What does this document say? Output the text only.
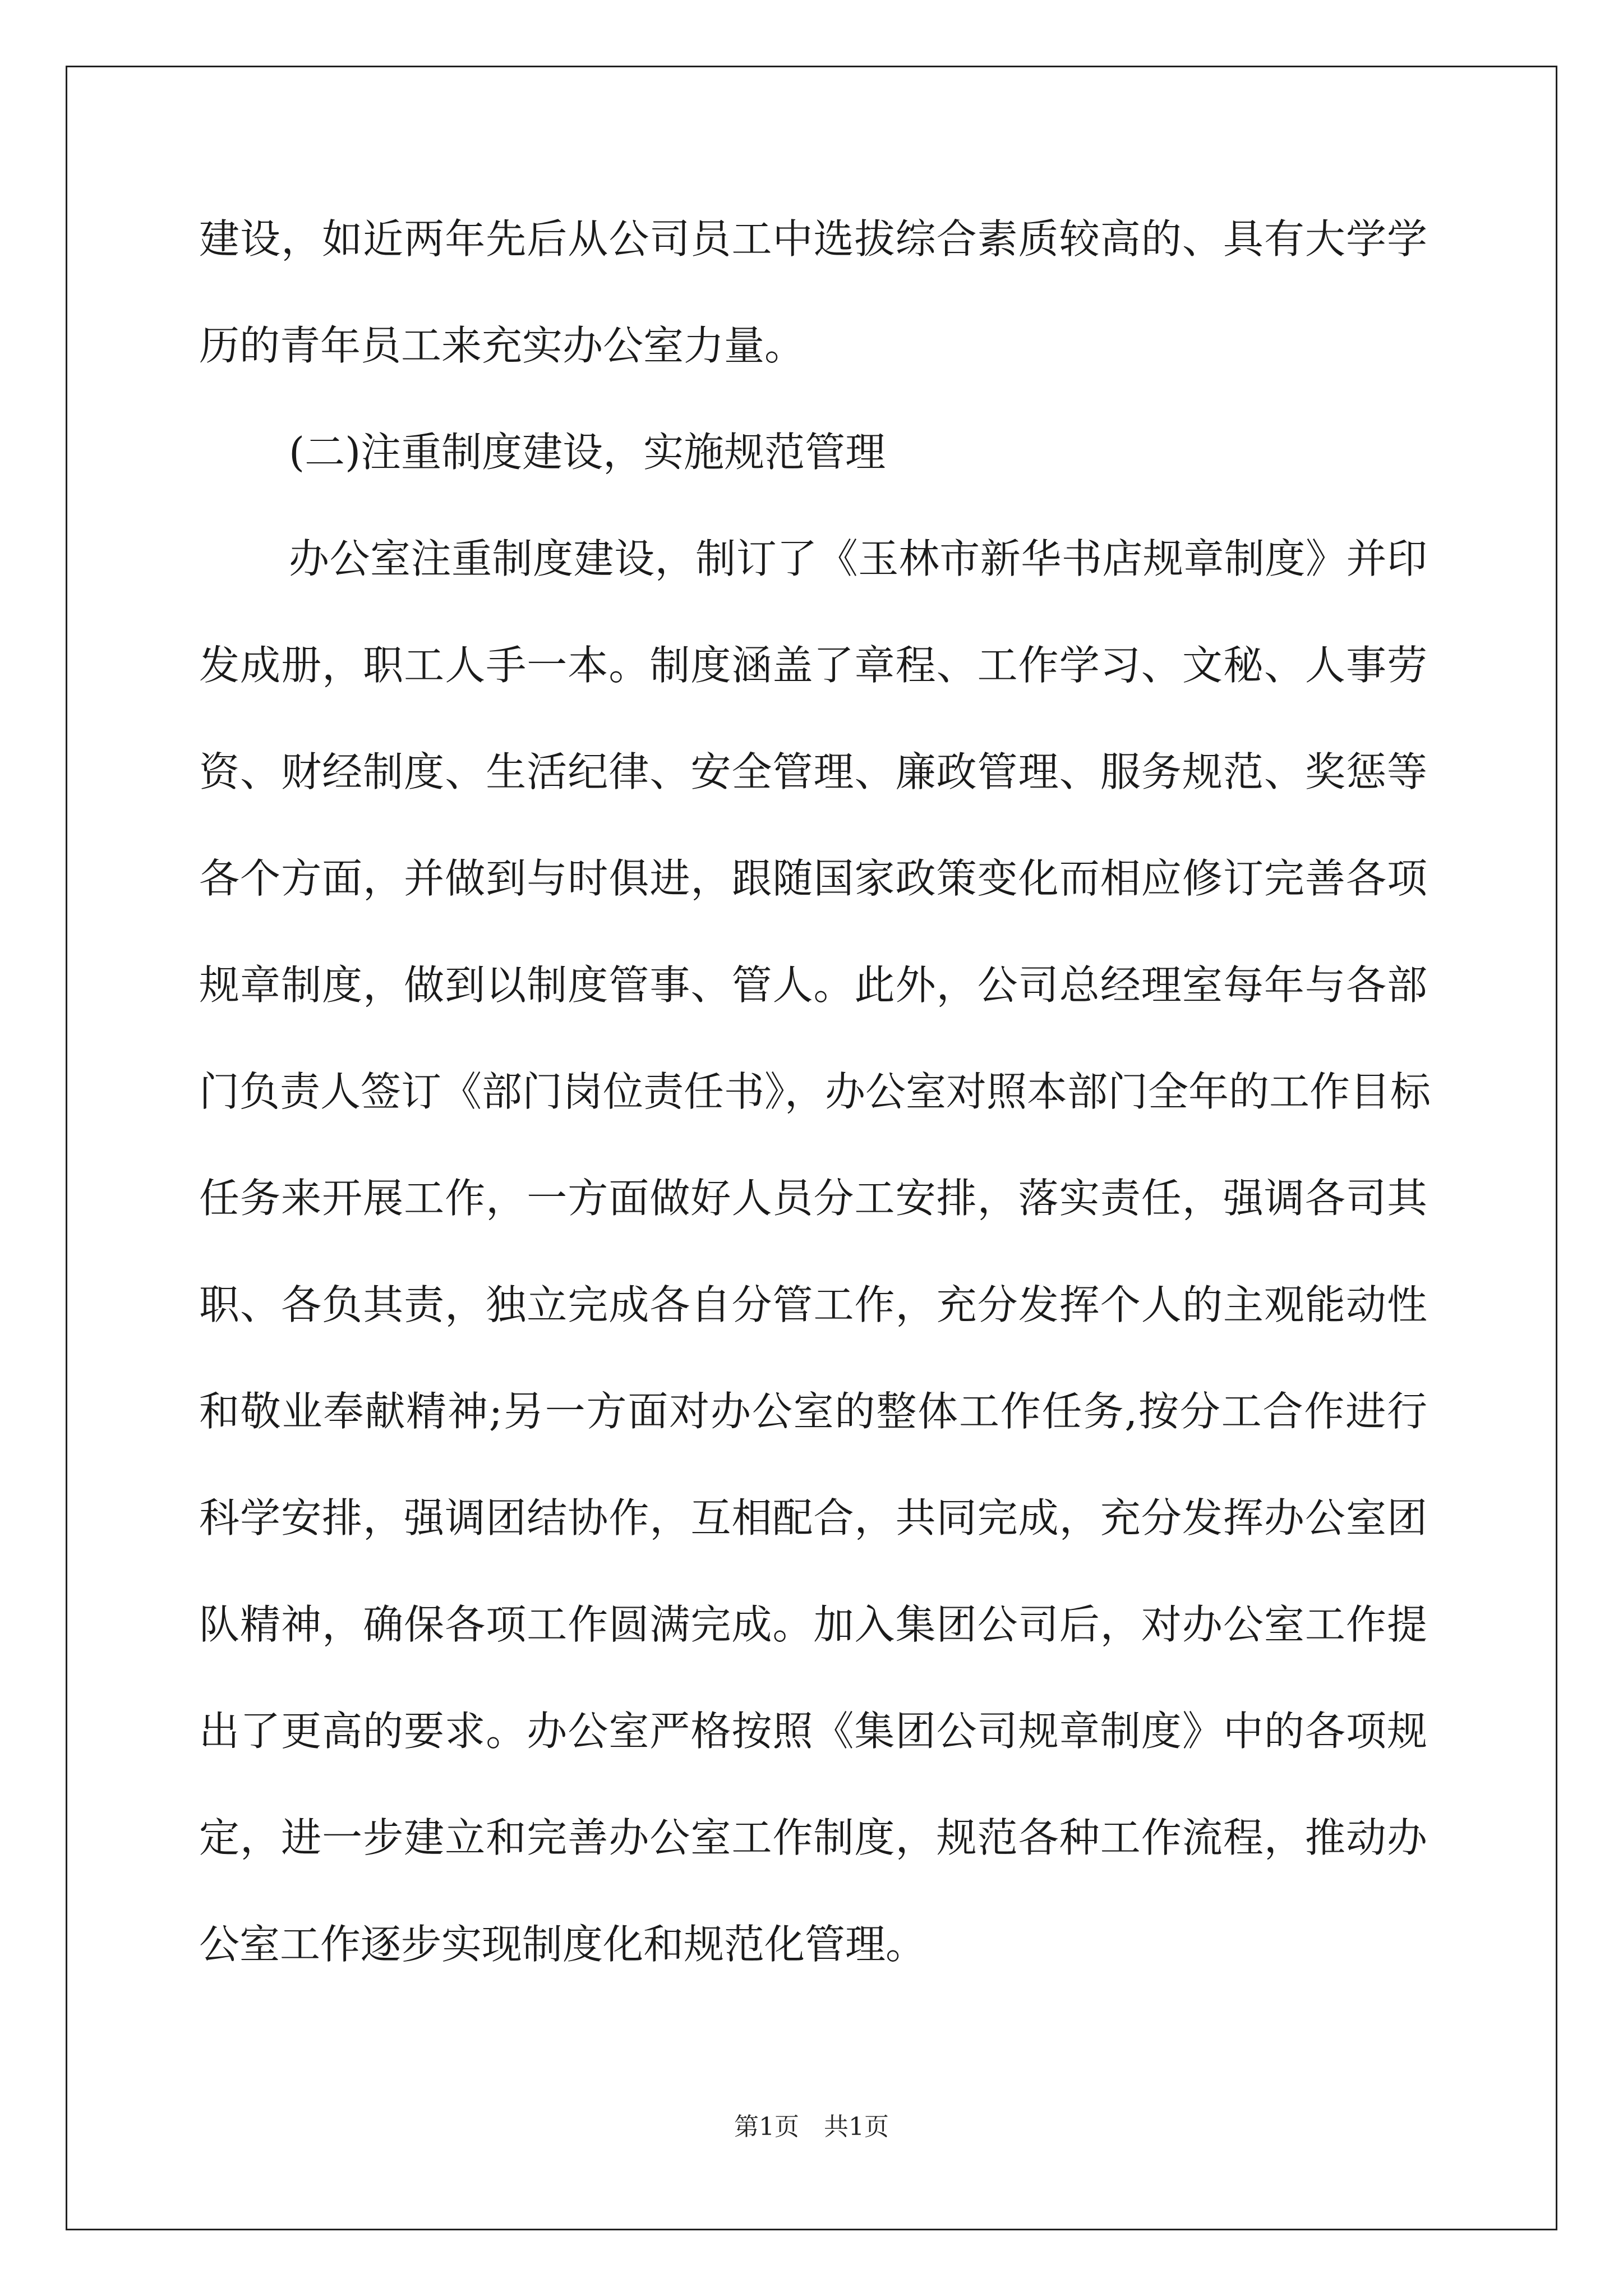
建设，如近两年先后从公司员工中选拔综合素质较高的、具有大学学
历的青年员工来充实办公室力量。
(二)注重制度建设，实施规范管理
办公室注重制度建设，制订了《玉林市新华书店规章制度》并印
发成册，职工人手一本。制度涵盖了章程、工作学习、文秘、人事劳
资、财经制度、生活纪律、安全管理、廉政管理、服务规范、奖惩等
各个方面，并做到与时俱进，跟随国家政策变化而相应修订完善各项
规章制度，做到以制度管事、管人。此外，公司总经理室每年与各部
门负责人签订《部门岗位责任书》，办公室对照本部门全年的工作目标
任务来开展工作，一方面做好人员分工安排，落实责任，强调各司其
职、各负其责，独立完成各自分管工作，充分发挥个人的主观能动性
和敬业奉献精神;另一方面对办公室的整体工作任务,按分工合作进行
科学安排，强调团结协作，互相配合，共同完成，充分发挥办公室团
队精神，确保各项工作圆满完成。加入集团公司后，对办公室工作提
出了更高的要求。办公室严格按照《集团公司规章制度》中的各项规
定，进一步建立和完善办公室工作制度，规范各种工作流程，推动办
公室工作逐步实现制度化和规范化管理。
第1页　共1页
